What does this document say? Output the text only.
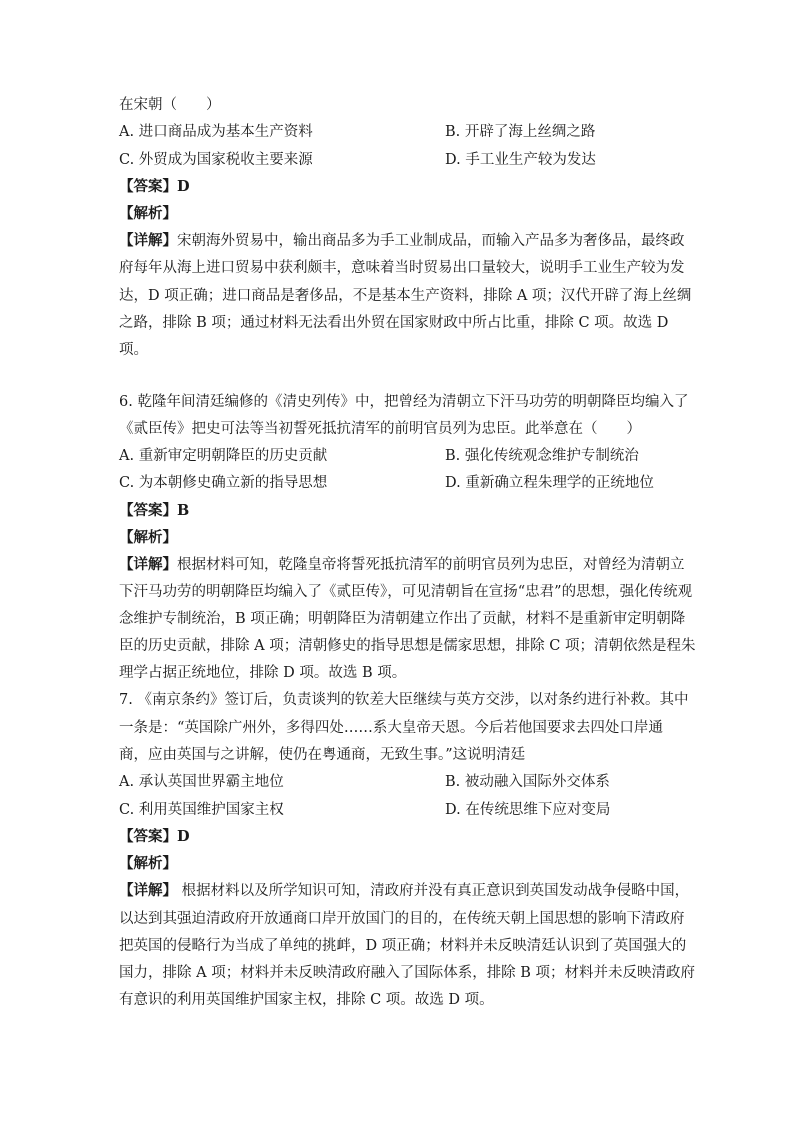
在宋朝（　　）
A. 进口商品成为基本生产资料	B. 开辟了海上丝绸之路
C. 外贸成为国家税收主要来源	D. 手工业生产较为发达
【答案】D
【解析】
【详解】宋朝海外贸易中，输出商品多为手工业制成品，而输入产品多为奢侈品，最终政
府每年从海上进口贸易中获利颇丰，意味着当时贸易出口量较大，说明手工业生产较为发
达，D 项正确；进口商品是奢侈品，不是基本生产资料，排除 A 项；汉代开辟了海上丝绸
之路，排除 B 项；通过材料无法看出外贸在国家财政中所占比重，排除 C 项。故选 D
项。
6. 乾隆年间清廷编修的《清史列传》中，把曾经为清朝立下汗马功劳的明朝降臣均编入了
《贰臣传》把史可法等当初誓死抵抗清军的前明官员列为忠臣。此举意在（　　）
A. 重新审定明朝降臣的历史贡献	B. 强化传统观念维护专制统治
C. 为本朝修史确立新的指导思想	D. 重新确立程朱理学的正统地位
【答案】B
【解析】
【详解】根据材料可知，乾隆皇帝将誓死抵抗清军的前明官员列为忠臣，对曾经为清朝立
下汗马功劳的明朝降臣均编入了《贰臣传》，可见清朝旨在宣扬“忠君”的思想，强化传统观
念维护专制统治，B 项正确；明朝降臣为清朝建立作出了贡献，材料不是重新审定明朝降
臣的历史贡献，排除 A 项；清朝修史的指导思想是儒家思想，排除 C 项；清朝依然是程朱
理学占据正统地位，排除 D 项。故选 B 项。
7. 《南京条约》签订后，负责谈判的钦差大臣继续与英方交涉，以对条约进行补救。其中
一条是：“英国除广州外，多得四处……系大皇帝天恩。今后若他国要求去四处口岸通
商，应由英国与之讲解，使仍在粤通商，无致生事。”这说明清廷
A. 承认英国世界霸主地位	B. 被动融入国际外交体系
C. 利用英国维护国家主权	D. 在传统思维下应对变局
【答案】D
【解析】
【详解】 根据材料以及所学知识可知，清政府并没有真正意识到英国发动战争侵略中国，
以达到其强迫清政府开放通商口岸开放国门的目的，在传统天朝上国思想的影响下清政府
把英国的侵略行为当成了单纯的挑衅，D 项正确；材料并未反映清廷认识到了英国强大的
国力，排除 A 项；材料并未反映清政府融入了国际体系，排除 B 项；材料并未反映清政府
有意识的利用英国维护国家主权，排除 C 项。故选 D 项。
